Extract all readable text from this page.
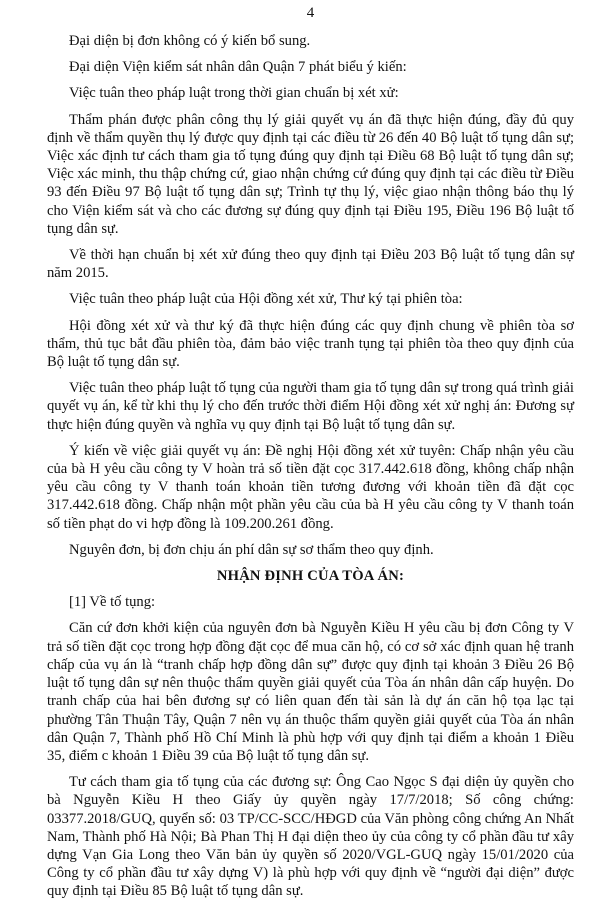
4

Đại diện bị đơn không có ý kiến bổ sung.

Đại diện Viện kiểm sát nhân dân Quận 7 phát biểu ý kiến:

Việc tuân theo pháp luật trong thời gian chuẩn bị xét xử:

Thẩm phán được phân công thụ lý giải quyết vụ án đã thực hiện đúng, đầy đủ quy định về thẩm quyền thụ lý được quy định tại các điều từ 26 đến 40 Bộ luật tố tụng dân sự; Việc xác định tư cách tham gia tố tụng đúng quy định tại Điều 68 Bộ luật tố tụng dân sự; Việc xác minh, thu thập chứng cứ, giao nhận chứng cứ đúng quy định tại các điều từ Điều 93 đến Điều 97 Bộ luật tố tụng dân sự; Trình tự thụ lý, việc giao nhận thông báo thụ lý cho Viện kiểm sát và cho các đương sự đúng quy định tại Điều 195, Điều 196 Bộ luật tố tụng dân sự.

Về thời hạn chuẩn bị xét xử đúng theo quy định tại Điều 203 Bộ luật tố tụng dân sự năm 2015.

Việc tuân theo pháp luật của Hội đồng xét xử, Thư ký tại phiên tòa:

Hội đồng xét xử và thư ký đã thực hiện đúng các quy định chung về phiên tòa sơ thẩm, thủ tục bắt đầu phiên tòa, đảm bảo việc tranh tụng tại phiên tòa theo quy định của Bộ luật tố tụng dân sự.

Việc tuân theo pháp luật tố tụng của người tham gia tố tụng dân sự trong quá trình giải quyết vụ án, kể từ khi thụ lý cho đến trước thời điểm Hội đồng xét xử nghị án: Đương sự thực hiện đúng quyền và nghĩa vụ quy định tại Bộ luật tố tụng dân sự.

Ý kiến về việc giải quyết vụ án: Đề nghị Hội đồng xét xử tuyên: Chấp nhận yêu cầu của bà H yêu cầu công ty V hoàn trả số tiền đặt cọc 317.442.618 đồng, không chấp nhận yêu cầu công ty V thanh toán khoản tiền tương đương với khoản tiền đã đặt cọc 317.442.618 đồng. Chấp nhận một phần yêu cầu của bà H yêu cầu công ty V thanh toán số tiền phạt do vi hợp đồng là 109.200.261 đồng.

Nguyên đơn, bị đơn chịu án phí dân sự sơ thẩm theo quy định.

NHẬN ĐỊNH CỦA TÒA ÁN:

[1] Về tố tụng:

Căn cứ đơn khởi kiện của nguyên đơn bà Nguyễn Kiều H yêu cầu bị đơn Công ty V trả số tiền đặt cọc trong hợp đồng đặt cọc để mua căn hộ, có cơ sở xác định quan hệ tranh chấp của vụ án là “tranh chấp hợp đồng dân sự” được quy định tại khoản 3 Điều 26 Bộ luật tố tụng dân sự nên thuộc thẩm quyền giải quyết của Tòa án nhân dân cấp huyện. Do tranh chấp của hai bên đương sự có liên quan đến tài sản là dự án căn hộ tọa lạc tại phường Tân Thuận Tây, Quận 7 nên vụ án thuộc thẩm quyền giải quyết của Tòa án nhân dân Quận 7, Thành phố Hồ Chí Minh là phù hợp với quy định tại điểm a khoản 1 Điều 35, điểm c khoản 1 Điều 39 của Bộ luật tố tụng dân sự.

Tư cách tham gia tố tụng của các đương sự: Ông Cao Ngọc S đại diện ủy quyền cho bà Nguyễn Kiều H theo Giấy ủy quyền ngày 17/7/2018; Số công chứng: 03377.2018/GUQ, quyển số: 03 TP/CC-SCC/HĐGD của Văn phòng công chứng An Nhất Nam, Thành phố Hà Nội; Bà Phan Thị H đại diện theo ủy của công ty cổ phần đầu tư xây dựng Vạn Gia Long theo Văn bản ủy quyền số 2020/VGL-GUQ ngày 15/01/2020 của Công ty cổ phần đầu tư xây dựng V) là phù hợp với quy định về “người đại diện” được quy định tại Điều 85 Bộ luật tố tụng dân sự.
